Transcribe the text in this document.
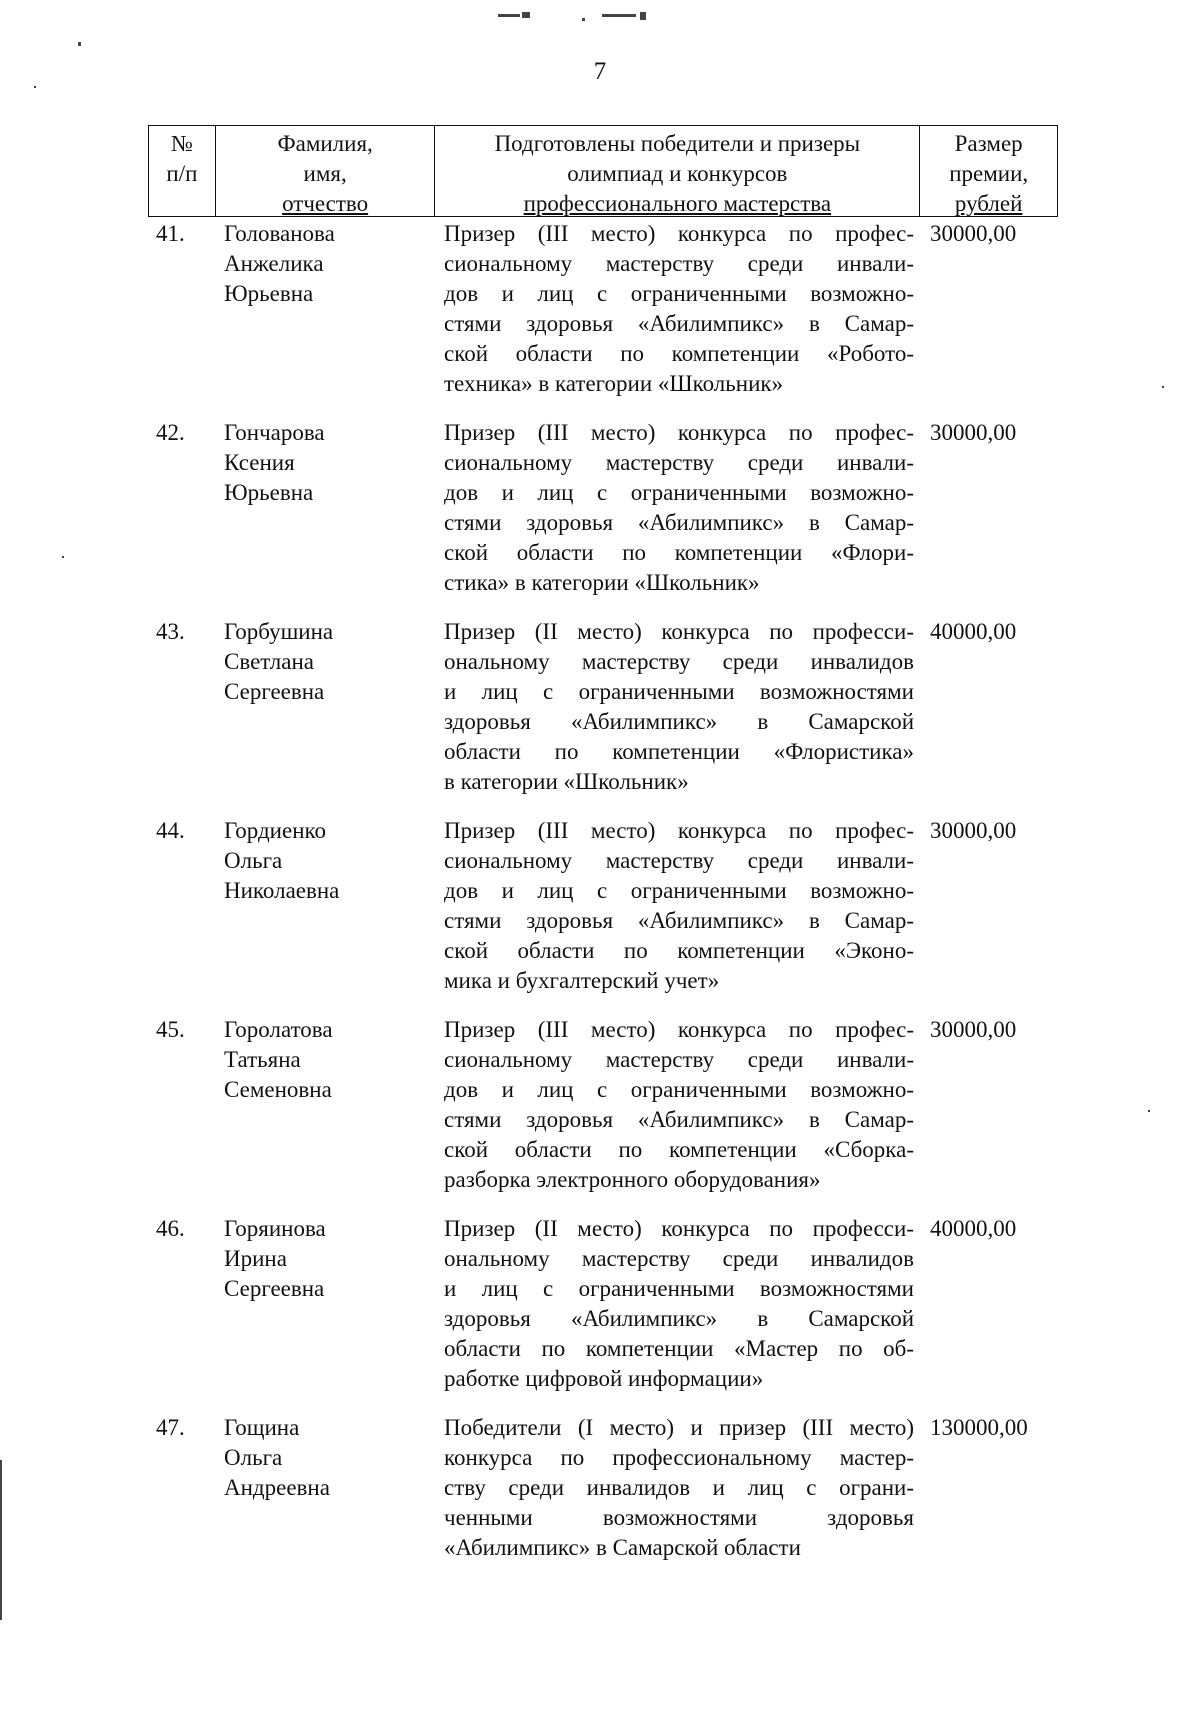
7
№
п/п
Фамилия,
имя,
отчество
Подготовлены победители и призеры
олимпиад и конкурсов
профессионального мастерства
Размер
премии,
рублей
41. Голованова
Анжелика
Юрьевна
Призер (III место) конкурса по профес-
сиональному мастерству среди инвали-
дов и лиц с ограниченными возможно-
стями здоровья «Абилимпикс» в Самар-
ской области по компетенции «Робото-
техника» в категории «Школьник»
30000,00
42. Гончарова
Ксения
Юрьевна
Призер (III место) конкурса по профес-
сиональному мастерству среди инвали-
дов и лиц с ограниченными возможно-
стями здоровья «Абилимпикс» в Самар-
ской области по компетенции «Флори-
стика» в категории «Школьник»
30000,00
43. Горбушина
Светлана
Сергеевна
Призер (II место) конкурса по професси-
ональному мастерству среди инвалидов
и лиц с ограниченными возможностями
здоровья «Абилимпикс» в Самарской
области по компетенции «Флористика»
в категории «Школьник»
40000,00
44. Гордиенко
Ольга
Николаевна
Призер (III место) конкурса по профес-
сиональному мастерству среди инвали-
дов и лиц с ограниченными возможно-
стями здоровья «Абилимпикс» в Самар-
ской области по компетенции «Эконо-
мика и бухгалтерский учет»
30000,00
45. Горолатова
Татьяна
Семеновна
Призер (III место) конкурса по профес-
сиональному мастерству среди инвали-
дов и лиц с ограниченными возможно-
стями здоровья «Абилимпикс» в Самар-
ской области по компетенции «Сборка-
разборка электронного оборудования»
30000,00
46. Горяинова
Ирина
Сергеевна
Призер (II место) конкурса по професси-
ональному мастерству среди инвалидов
и лиц с ограниченными возможностями
здоровья «Абилимпикс» в Самарской
области по компетенции «Мастер по об-
работке цифровой информации»
40000,00
47. Гощина
Ольга
Андреевна
Победители (I место) и призер (III место)
конкурса по профессиональному мастер-
ству среди инвалидов и лиц с ограни-
ченными возможностями здоровья
«Абилимпикс» в Самарской области
130000,00
